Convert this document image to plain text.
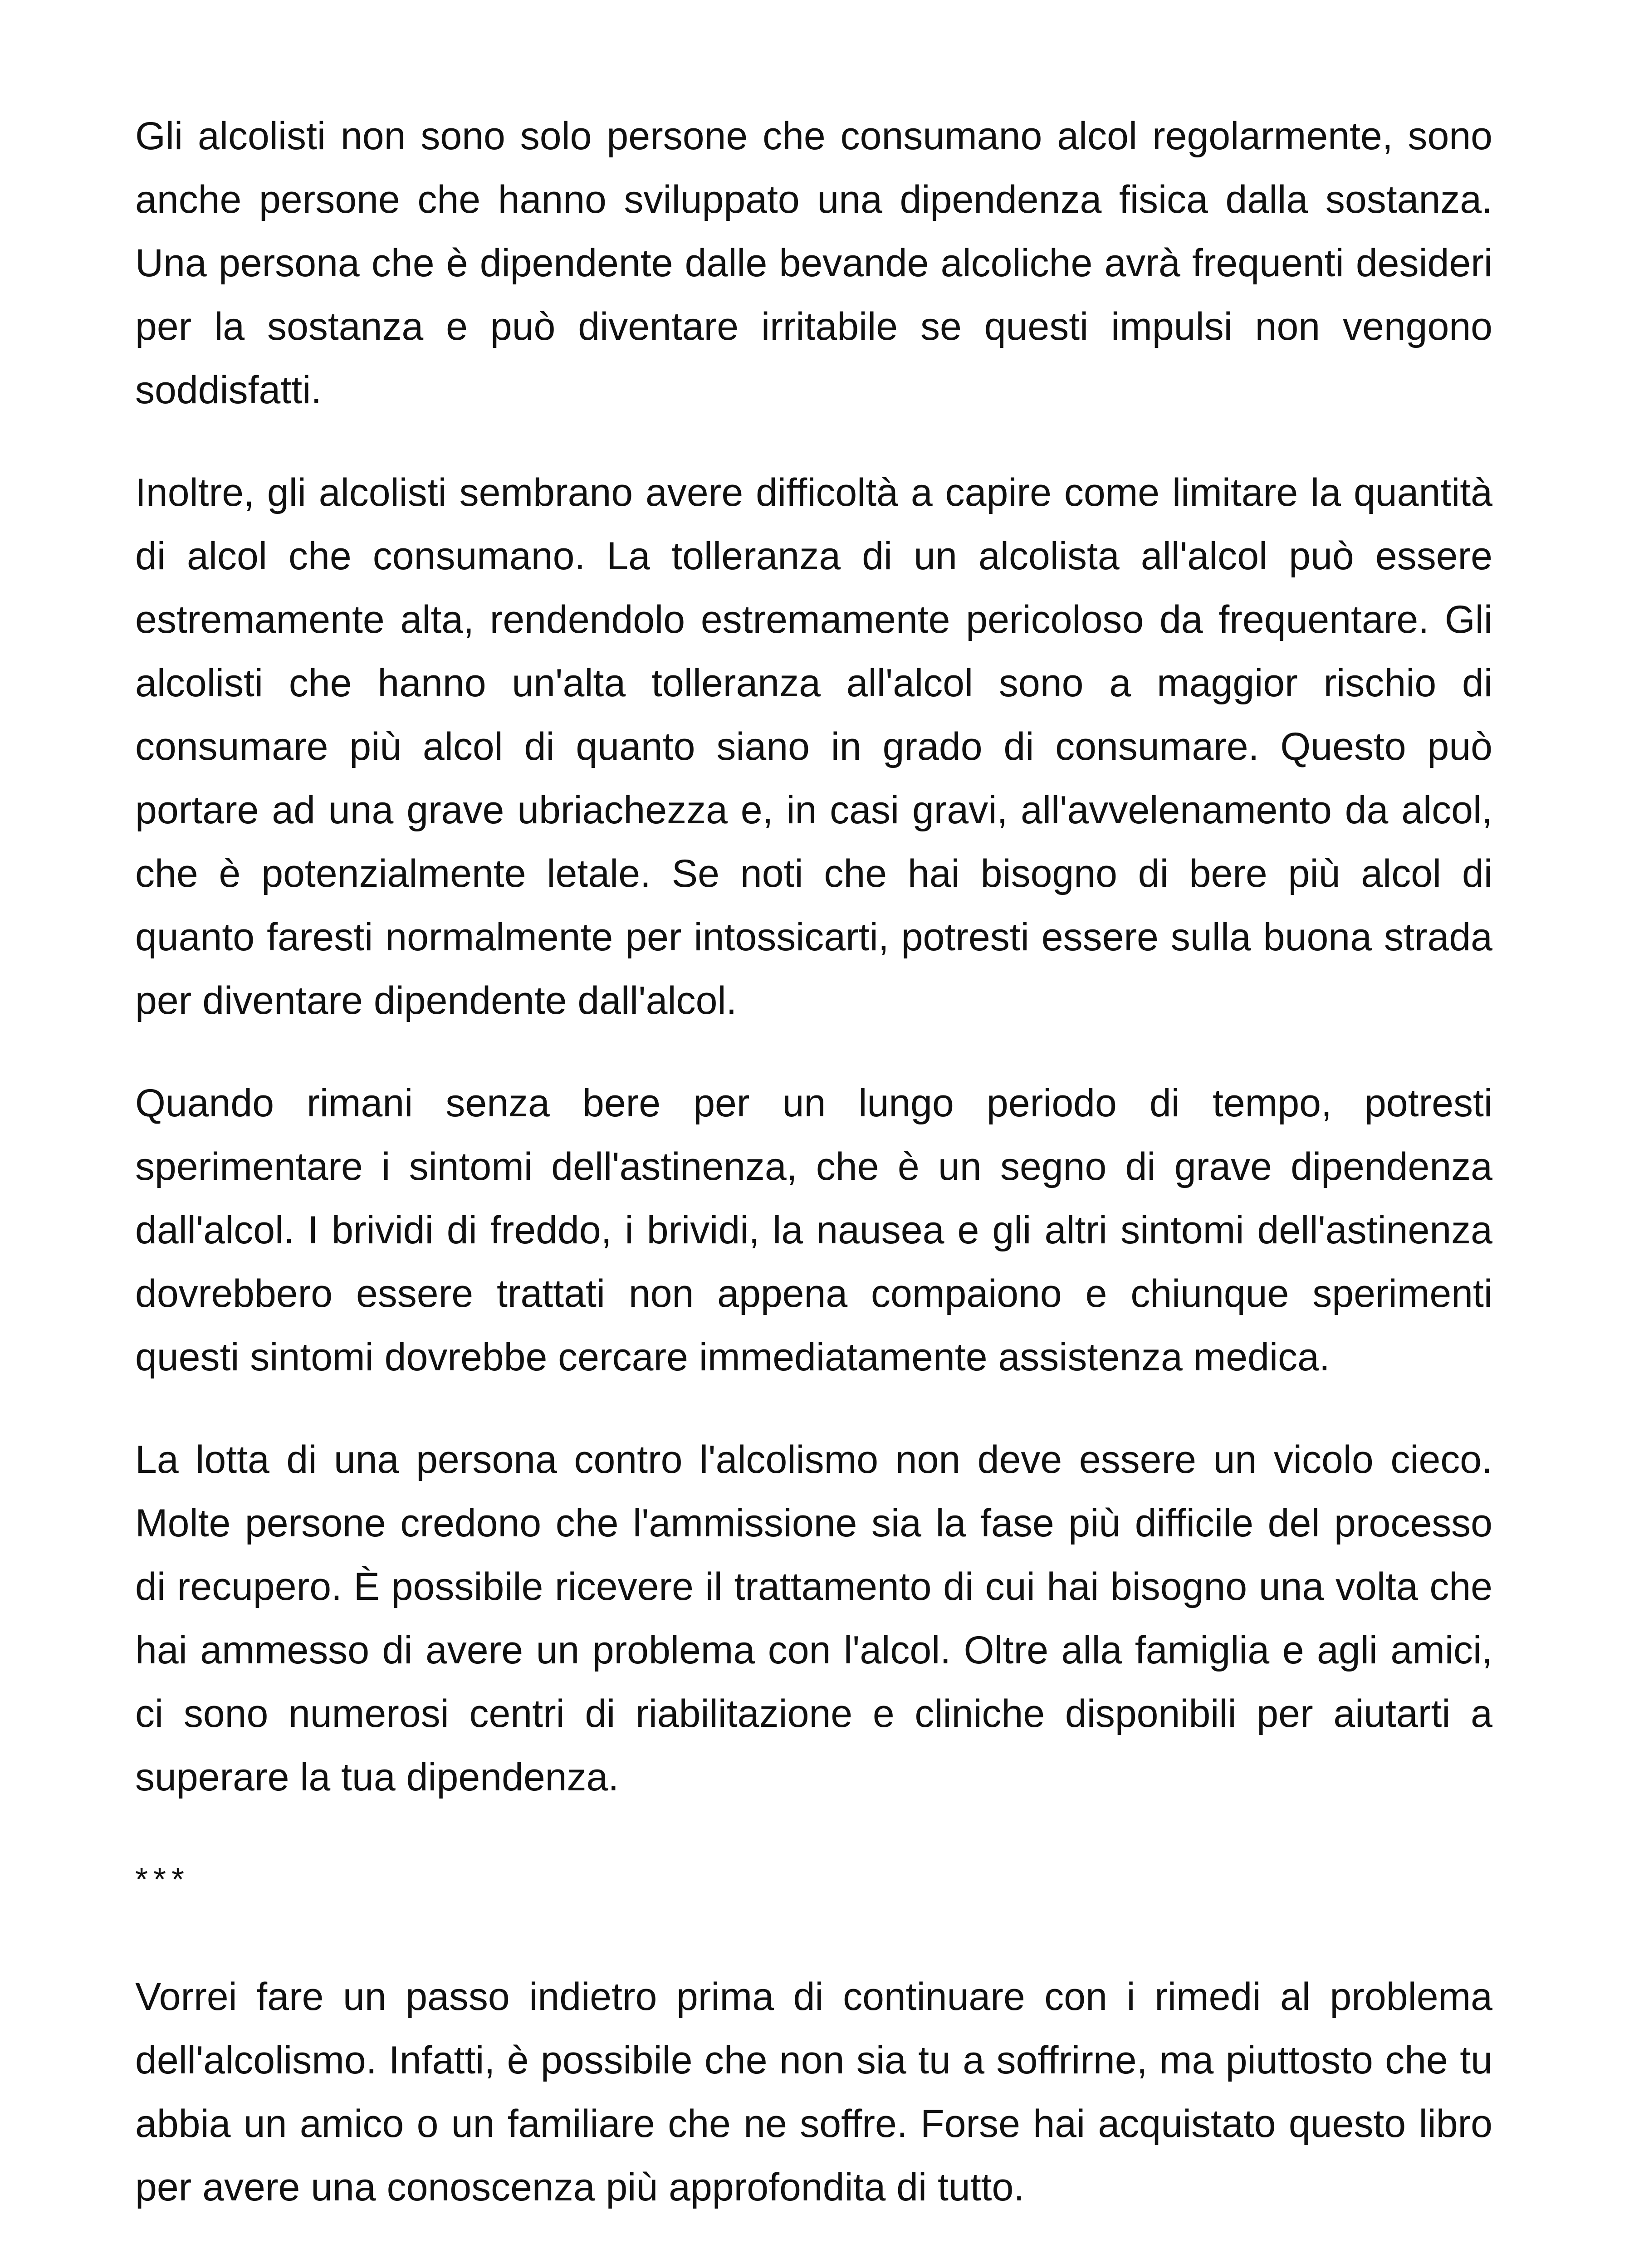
Gli alcolisti non sono solo persone che consumano alcol regolarmente, sono anche persone che hanno sviluppato una dipendenza fisica dalla sostanza. Una persona che è dipendente dalle bevande alcoliche avrà frequenti desideri per la sostanza e può diventare irritabile se questi impulsi non vengono soddisfatti.

Inoltre, gli alcolisti sembrano avere difficoltà a capire come limitare la quantità di alcol che consumano. La tolleranza di un alcolista all'alcol può essere estremamente alta, rendendolo estremamente pericoloso da frequentare. Gli alcolisti che hanno un'alta tolleranza all'alcol sono a maggior rischio di consumare più alcol di quanto siano in grado di consumare. Questo può portare ad una grave ubriachezza e, in casi gravi, all'avvelenamento da alcol, che è potenzialmente letale. Se noti che hai bisogno di bere più alcol di quanto faresti normalmente per intossicarti, potresti essere sulla buona strada per diventare dipendente dall'alcol.

Quando rimani senza bere per un lungo periodo di tempo, potresti sperimentare i sintomi dell'astinenza, che è un segno di grave dipendenza dall'alcol. I brividi di freddo, i brividi, la nausea e gli altri sintomi dell'astinenza dovrebbero essere trattati non appena compaiono e chiunque sperimenti questi sintomi dovrebbe cercare immediatamente assistenza medica.

La lotta di una persona contro l'alcolismo non deve essere un vicolo cieco. Molte persone credono che l'ammissione sia la fase più difficile del processo di recupero. È possibile ricevere il trattamento di cui hai bisogno una volta che hai ammesso di avere un problema con l'alcol. Oltre alla famiglia e agli amici, ci sono numerosi centri di riabilitazione e cliniche disponibili per aiutarti a superare la tua dipendenza.

***

Vorrei fare un passo indietro prima di continuare con i rimedi al problema dell'alcolismo. Infatti, è possibile che non sia tu a soffrirne, ma piuttosto che tu abbia un amico o un familiare che ne soffre. Forse hai acquistato questo libro per avere una conoscenza più approfondita di tutto.
